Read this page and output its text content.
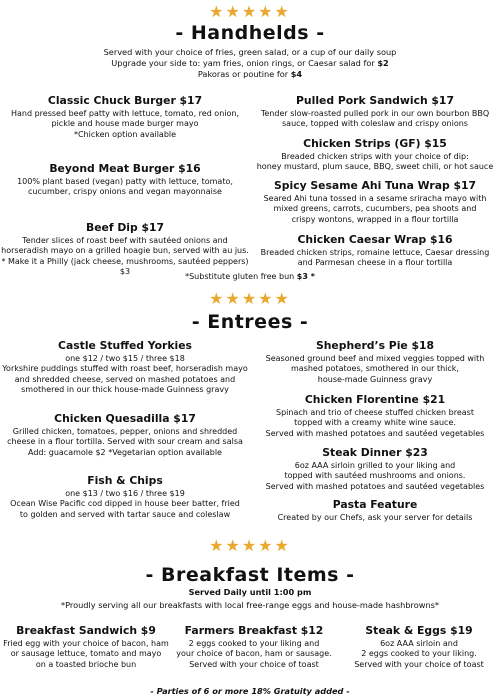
★★★★★
- Handhelds -
Served with your choice of fries, green salad, or a cup of our daily soup
Upgrade your side to: yam fries, onion rings, or Caesar salad for $2
Pakoras or poutine for $4
Classic Chuck Burger $17
Hand pressed beef patty with lettuce, tomato, red onion,
pickle and house made burger mayo
*Chicken option available
Beyond Meat Burger $16
100% plant based (vegan) patty with lettuce, tomato,
cucumber, crispy onions and vegan mayonnaise
Beef Dip $17
Tender slices of roast beef with sautéed onions and
horseradish mayo on a grilled hoagie bun, served with au jus.
* Make it a Philly (jack cheese, mushrooms, sautéed peppers) $3
Pulled Pork Sandwich $17
Tender slow-roasted pulled pork in our own bourbon BBQ
sauce, topped with coleslaw and crispy onions
Chicken Strips (GF) $15
Breaded chicken strips with your choice of dip:
honey mustard, plum sauce, BBQ, sweet chili, or hot sauce
Spicy Sesame Ahi Tuna Wrap $17
Seared Ahi tuna tossed in a sesame sriracha mayo with
mixed greens, carrots, cucumbers, pea shoots and
crispy wontons, wrapped in a flour tortilla
Chicken Caesar Wrap $16
Breaded chicken strips, romaine lettuce, Caesar dressing
and Parmesan cheese in a flour tortilla
*Substitute gluten free bun $3 *
★★★★★
- Entrees -
Castle Stuffed Yorkies
one $12 / two $15 / three $18
Yorkshire puddings stuffed with roast beef, horseradish mayo
and shredded cheese, served on mashed potatoes and
smothered in our thick house-made Guinness gravy
Chicken Quesadilla $17
Grilled chicken, tomatoes, pepper, onions and shredded
cheese in a flour tortilla. Served with sour cream and salsa
Add: guacamole $2 *Vegetarian option available
Fish & Chips
one $13 / two $16 / three $19
Ocean Wise Pacific cod dipped in house beer batter, fried
to golden and served with tartar sauce and coleslaw
Shepherd’s Pie $18
Seasoned ground beef and mixed veggies topped with
mashed potatoes, smothered in our thick,
house-made Guinness gravy
Chicken Florentine $21
Spinach and trio of cheese stuffed chicken breast
topped with a creamy white wine sauce.
Served with mashed potatoes and sautéed vegetables
Steak Dinner $23
6oz AAA sirloin grilled to your liking and
topped with sautéed mushrooms and onions.
Served with mashed potatoes and sautéed vegetables
Pasta Feature
Created by our Chefs, ask your server for details
★★★★★
- Breakfast Items -
Served Daily until 1:00 pm
*Proudly serving all our breakfasts with local free-range eggs and house-made hashbrowns*
Breakfast Sandwich $9
Fried egg with your choice of bacon, ham
or sausage lettuce, tomato and mayo
on a toasted brioche bun
Farmers Breakfast $12
2 eggs cooked to your liking and
your choice of bacon, ham or sausage.
Served with your choice of toast
Steak & Eggs $19
6oz AAA sirloin and
2 eggs cooked to your liking.
Served with your choice of toast
- Parties of 6 or more 18% Gratuity added -
